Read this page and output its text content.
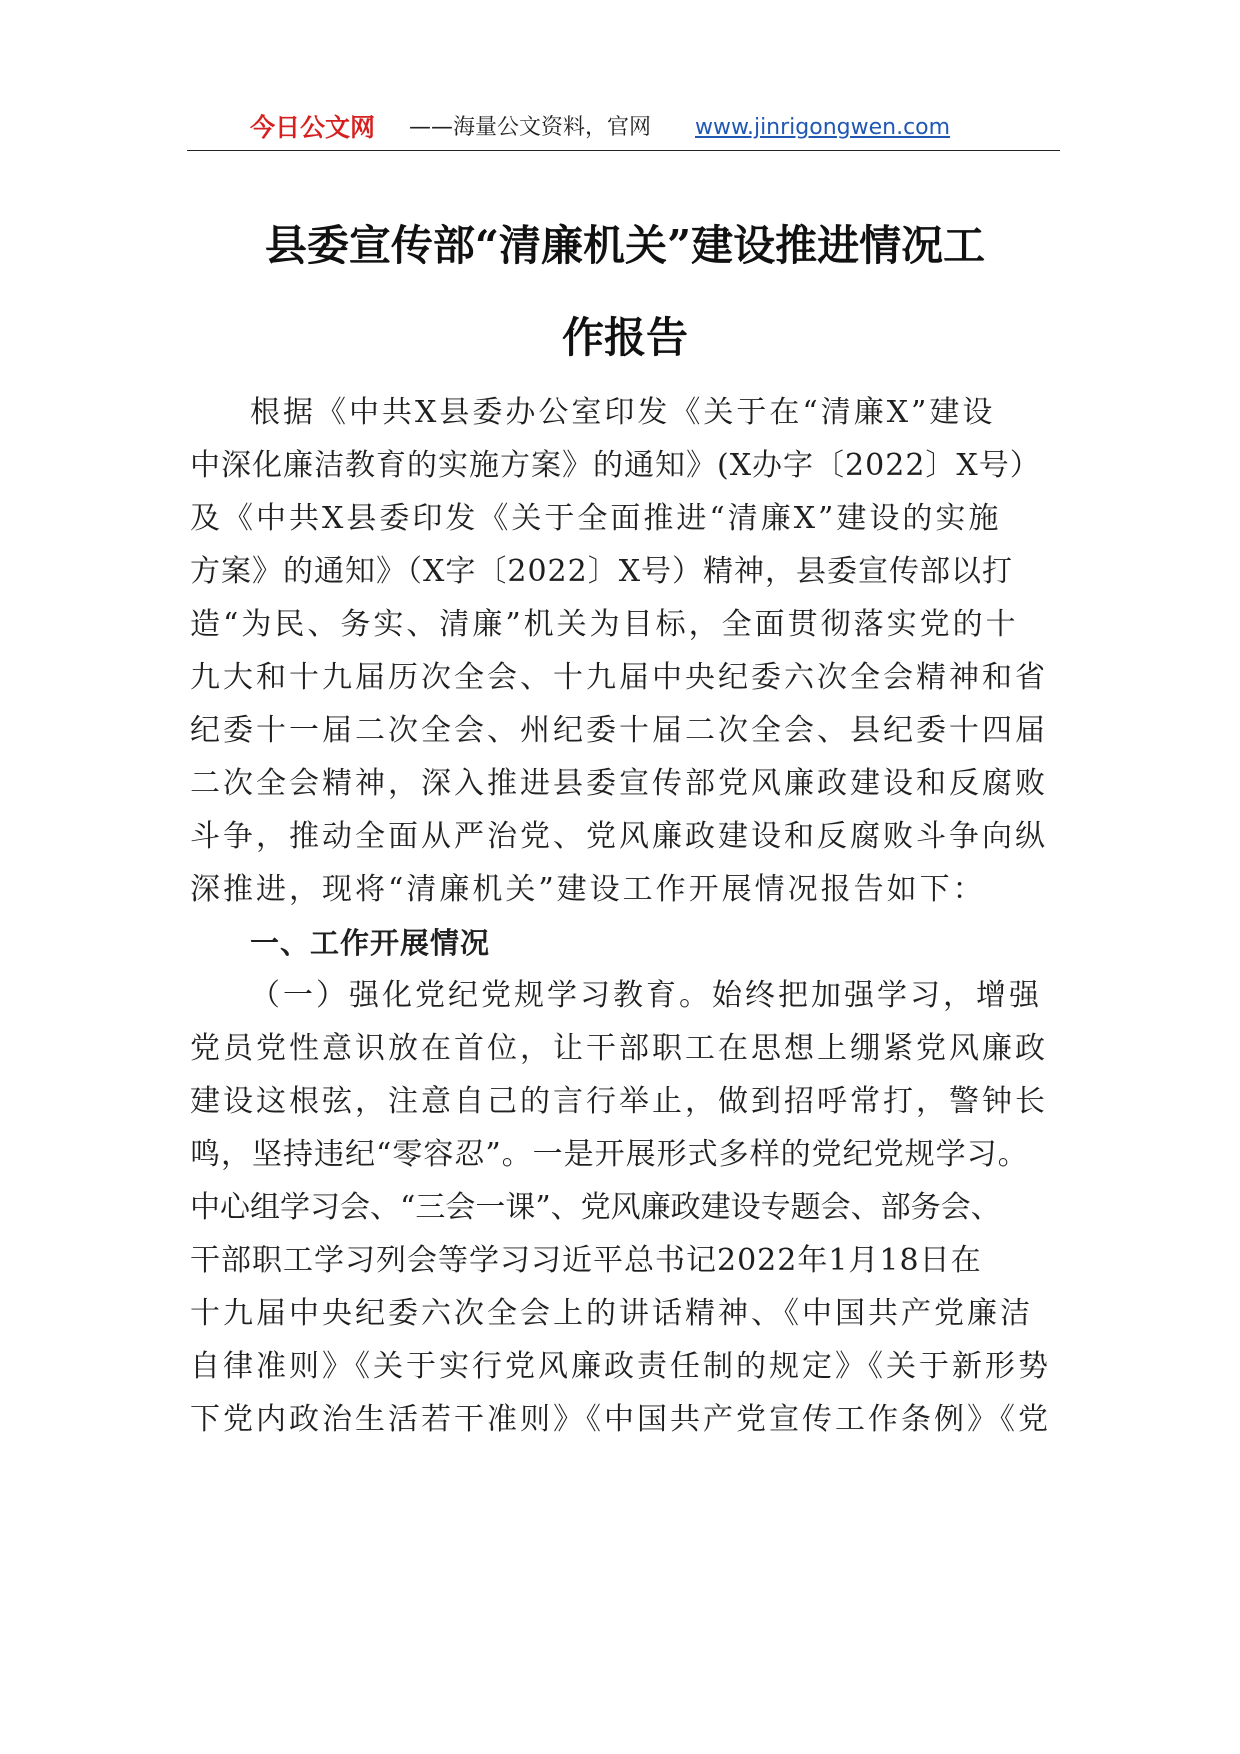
今日公文网 ——海量公文资料，官网 www.jinrigongwen.com
县委宣传部“清廉机关”建设推进情况工
作报告
根据《中共X县委办公室印发《关于在“清廉X”建设
中深化廉洁教育的实施方案》的通知》(X办字〔2022〕X号）
及《中共X县委印发《关于全面推进“清廉X”建设的实施
方案》的通知》（X字〔2022〕X号）精神，县委宣传部以打
造“为民、务实、清廉”机关为目标，全面贯彻落实党的十
九大和十九届历次全会、十九届中央纪委六次全会精神和省
纪委十一届二次全会、州纪委十届二次全会、县纪委十四届
二次全会精神，深入推进县委宣传部党风廉政建设和反腐败
斗争，推动全面从严治党、党风廉政建设和反腐败斗争向纵
深推进，现将“清廉机关”建设工作开展情况报告如下：
一、工作开展情况
（一）强化党纪党规学习教育。始终把加强学习，增强
党员党性意识放在首位，让干部职工在思想上绷紧党风廉政
建设这根弦，注意自己的言行举止，做到招呼常打，警钟长
鸣，坚持违纪“零容忍”。一是开展形式多样的党纪党规学习。
中心组学习会、“三会一课”、党风廉政建设专题会、部务会、
干部职工学习列会等学习习近平总书记2022年1月18日在
十九届中央纪委六次全会上的讲话精神、《中国共产党廉洁
自律准则》《关于实行党风廉政责任制的规定》《关于新形势
下党内政治生活若干准则》《中国共产党宣传工作条例》《党
